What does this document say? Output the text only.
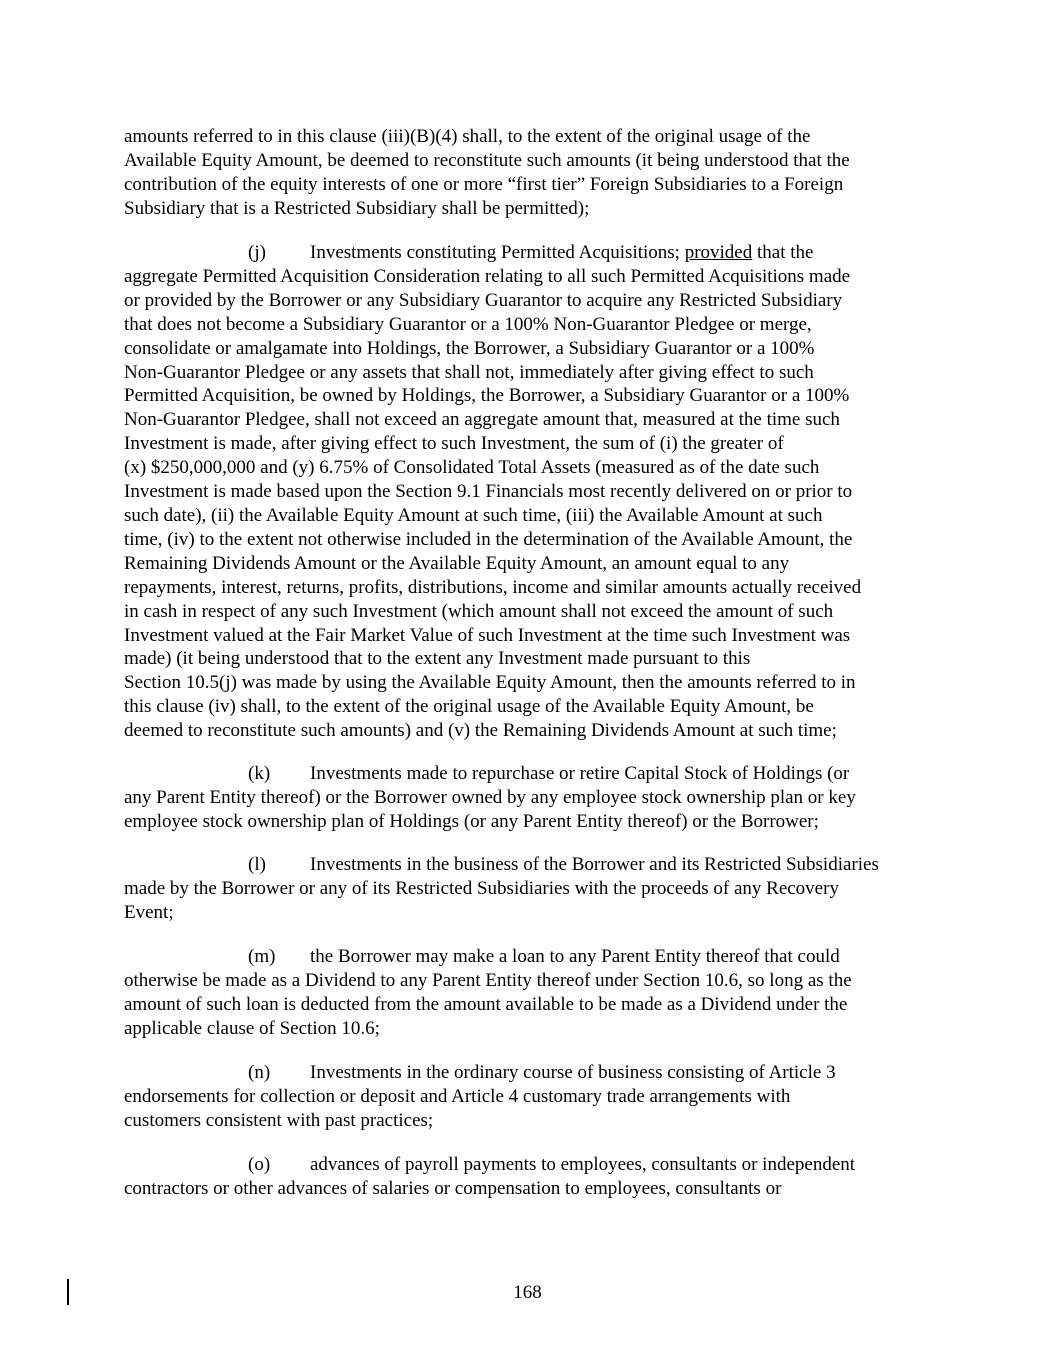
amounts referred to in this clause (iii)(B)(4) shall, to the extent of the original usage of the
Available Equity Amount, be deemed to reconstitute such amounts (it being understood that the
contribution of the equity interests of one or more “first tier” Foreign Subsidiaries to a Foreign
Subsidiary that is a Restricted Subsidiary shall be permitted);
(j) Investments constituting Permitted Acquisitions; provided that the
aggregate Permitted Acquisition Consideration relating to all such Permitted Acquisitions made
or provided by the Borrower or any Subsidiary Guarantor to acquire any Restricted Subsidiary
that does not become a Subsidiary Guarantor or a 100% Non-Guarantor Pledgee or merge,
consolidate or amalgamate into Holdings, the Borrower, a Subsidiary Guarantor or a 100%
Non-Guarantor Pledgee or any assets that shall not, immediately after giving effect to such
Permitted Acquisition, be owned by Holdings, the Borrower, a Subsidiary Guarantor or a 100%
Non-Guarantor Pledgee, shall not exceed an aggregate amount that, measured at the time such
Investment is made, after giving effect to such Investment, the sum of (i) the greater of
(x) $250,000,000 and (y) 6.75% of Consolidated Total Assets (measured as of the date such
Investment is made based upon the Section 9.1 Financials most recently delivered on or prior to
such date), (ii) the Available Equity Amount at such time, (iii) the Available Amount at such
time, (iv) to the extent not otherwise included in the determination of the Available Amount, the
Remaining Dividends Amount or the Available Equity Amount, an amount equal to any
repayments, interest, returns, profits, distributions, income and similar amounts actually received
in cash in respect of any such Investment (which amount shall not exceed the amount of such
Investment valued at the Fair Market Value of such Investment at the time such Investment was
made) (it being understood that to the extent any Investment made pursuant to this
Section 10.5(j) was made by using the Available Equity Amount, then the amounts referred to in
this clause (iv) shall, to the extent of the original usage of the Available Equity Amount, be
deemed to reconstitute such amounts) and (v) the Remaining Dividends Amount at such time;
(k) Investments made to repurchase or retire Capital Stock of Holdings (or
any Parent Entity thereof) or the Borrower owned by any employee stock ownership plan or key
employee stock ownership plan of Holdings (or any Parent Entity thereof) or the Borrower;
(l) Investments in the business of the Borrower and its Restricted Subsidiaries
made by the Borrower or any of its Restricted Subsidiaries with the proceeds of any Recovery
Event;
(m) the Borrower may make a loan to any Parent Entity thereof that could
otherwise be made as a Dividend to any Parent Entity thereof under Section 10.6, so long as the
amount of such loan is deducted from the amount available to be made as a Dividend under the
applicable clause of Section 10.6;
(n) Investments in the ordinary course of business consisting of Article 3
endorsements for collection or deposit and Article 4 customary trade arrangements with
customers consistent with past practices;
(o) advances of payroll payments to employees, consultants or independent
contractors or other advances of salaries or compensation to employees, consultants or
168
